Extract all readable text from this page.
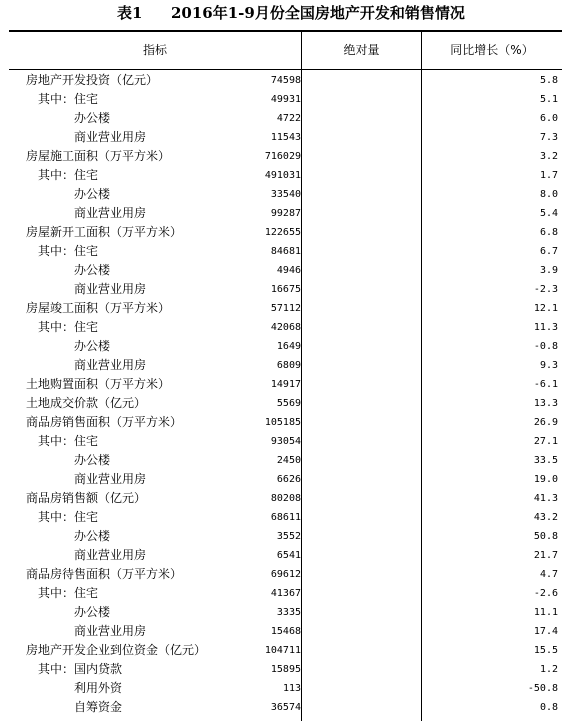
表1 2016年1-9月份全国房地产开发和销售情况
指标	绝对量	同比增长（%）
房地产开发投资（亿元）	74598	5.8
其中：住宅	49931	5.1
办公楼	4722	6.0
商业营业用房	11543	7.3
房屋施工面积（万平方米）	716029	3.2
其中：住宅	491031	1.7
办公楼	33540	8.0
商业营业用房	99287	5.4
房屋新开工面积（万平方米）	122655	6.8
其中：住宅	84681	6.7
办公楼	4946	3.9
商业营业用房	16675	-2.3
房屋竣工面积（万平方米）	57112	12.1
其中：住宅	42068	11.3
办公楼	1649	-0.8
商业营业用房	6809	9.3
土地购置面积（万平方米）	14917	-6.1
土地成交价款（亿元）	5569	13.3
商品房销售面积（万平方米）	105185	26.9
其中：住宅	93054	27.1
办公楼	2450	33.5
商业营业用房	6626	19.0
商品房销售额（亿元）	80208	41.3
其中：住宅	68611	43.2
办公楼	3552	50.8
商业营业用房	6541	21.7
商品房待售面积（万平方米）	69612	4.7
其中：住宅	41367	-2.6
办公楼	3335	11.1
商业营业用房	15468	17.4
房地产开发企业到位资金（亿元）	104711	15.5
其中：国内贷款	15895	1.2
利用外资	113	-50.8
自筹资金	36574	0.8
